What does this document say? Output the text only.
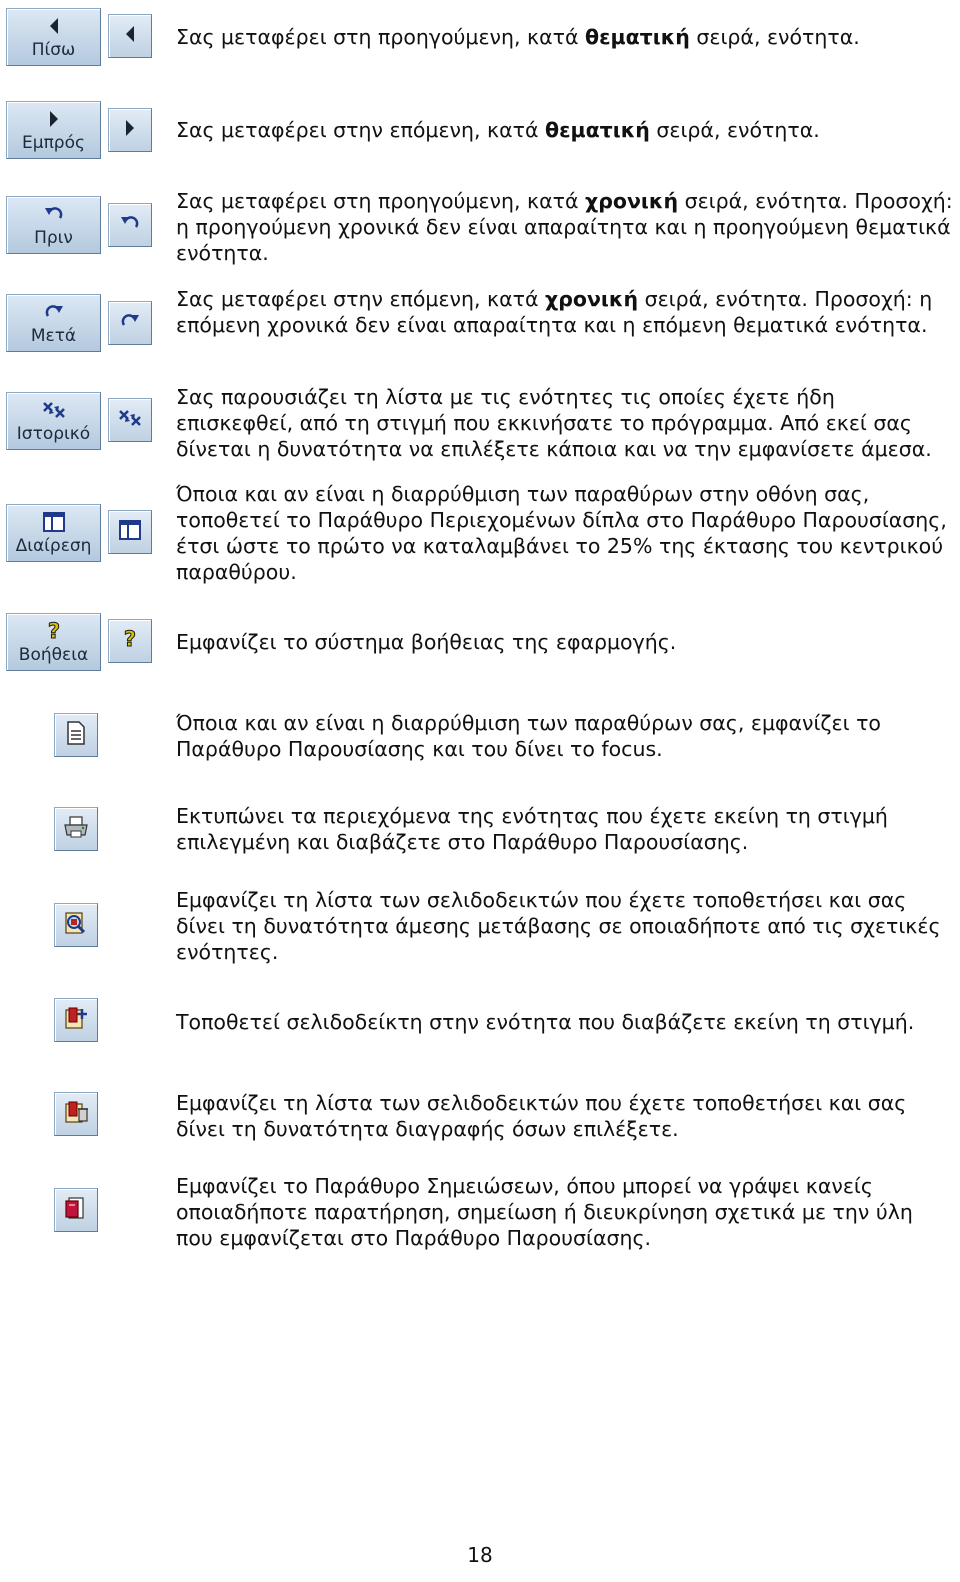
Πίσω

Σας μεταφέρει στη προηγούμενη, κατά θεματική σειρά, ενότητα.

Εμπρός

Σας μεταφέρει στην επόμενη, κατά θεματική σειρά, ενότητα.

Πριν

Σας μεταφέρει στη προηγούμενη, κατά χρονική σειρά, ενότητα. Προσοχή: η προηγούμενη χρονικά δεν είναι απαραίτητα και η προηγούμενη θεματικά ενότητα.

Μετά

Σας μεταφέρει στην επόμενη, κατά χρονική σειρά, ενότητα. Προσοχή: η επόμενη χρονικά δεν είναι απαραίτητα και η επόμενη θεματικά ενότητα.

Ιστορικό

Σας παρουσιάζει τη λίστα με τις ενότητες τις οποίες έχετε ήδη επισκεφθεί, από τη στιγμή που εκκινήσατε το πρόγραμμα. Από εκεί σας δίνεται η δυνατότητα να επιλέξετε κάποια και να την εμφανίσετε άμεσα.

Διαίρεση

Όποια και αν είναι η διαρρύθμιση των παραθύρων στην οθόνη σας, τοποθετεί το Παράθυρο Περιεχομένων δίπλα στο Παράθυρο Παρουσίασης, έτσι ώστε το πρώτο να καταλαμβάνει το 25% της έκτασης του κεντρικού παραθύρου.

?
Βοήθεια
? Εμφανίζει το σύστημα βοήθειας της εφαρμογής.

Όποια και αν είναι η διαρρύθμιση των παραθύρων σας, εμφανίζει το Παράθυρο Παρουσίασης και του δίνει το focus.

Εκτυπώνει τα περιεχόμενα της ενότητας που έχετε εκείνη τη στιγμή επιλεγμένη και διαβάζετε στο Παράθυρο Παρουσίασης.

Εμφανίζει τη λίστα των σελιδοδεικτών που έχετε τοποθετήσει και σας δίνει τη δυνατότητα άμεσης μετάβασης σε οποιαδήποτε από τις σχετικές ενότητες.

Τοποθετεί σελιδοδείκτη στην ενότητα που διαβάζετε εκείνη τη στιγμή.

Εμφανίζει τη λίστα των σελιδοδεικτών που έχετε τοποθετήσει και σας δίνει τη δυνατότητα διαγραφής όσων επιλέξετε.

Εμφανίζει το Παράθυρο Σημειώσεων, όπου μπορεί να γράψει κανείς οποιαδήποτε παρατήρηση, σημείωση ή διευκρίνηση σχετικά με την ύλη που εμφανίζεται στο Παράθυρο Παρουσίασης.

18
